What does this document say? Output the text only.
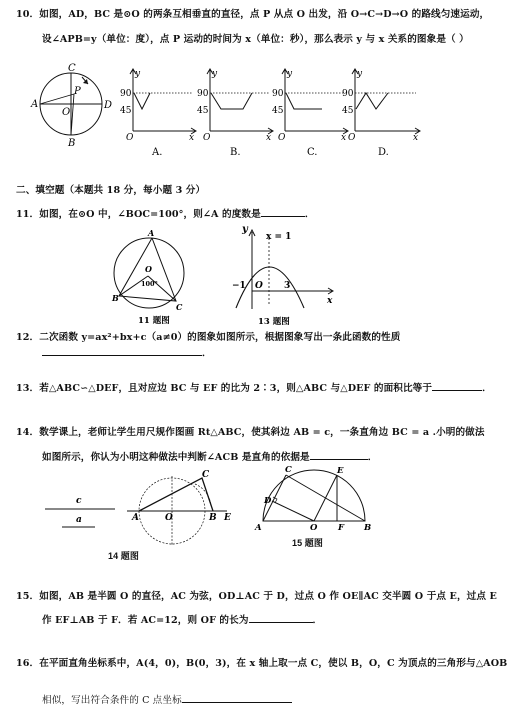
10．如图，AD，BC 是⊙O 的两条互相垂直的直径，点 P 从点 O 出发，沿 O→C→D→O 的路线匀速运动，
设∠APB=y（单位：度），点 P 运动的时间为 x（单位：秒），那么表示 y 与 x 关系的图象是（ ）
A	D
C
B
O
P
y
90
45
O	x
A.
y
90
45
O	x
B.
y
90
45
O	x
C.
y
90
45
O	x
D.
二、填空题（本题共 18 分，每小题 3 分）
11．如图，在⊙O 中，∠BOC=100°，则∠A 的度数是	．
A
B
C
O
100°
11 题图
y
x = 1
−1 O 3
x
13 题图
12．二次函数 y=ax²+bx+c（a≠0）的图象如图所示，根据图象写出一条此函数的性质
．
13．若△ABC∽△DEF，且对应边 BC 与 EF 的比为 2∶3，则△ABC 与△DEF 的面积比等于	．
14．数学课上，老师让学生用尺规作图画 Rt△ABC，使其斜边 AB = c，一条直角边 BC = a .小明的做法
如图所示，你认为小明这种做法中判断∠ACB 是直角的依据是	．
c
a	A	O	B
C
E
14 题图
A	B
C
D
E
F
O
15 题图
15．如图，AB 是半圆 O 的直径，AC 为弦，OD⊥AC 于 D，过点 O 作 OE∥AC 交半圆 O 于点 E，过点 E
作 EF⊥AB 于 F．若 AC=12，则 OF 的长为	．
16．在平面直角坐标系中，A(4，0)，B(0，3)，在 x 轴上取一点 C，使以 B，O，C 为顶点的三角形与△AOB
相似，写出符合条件的 C 点坐标
